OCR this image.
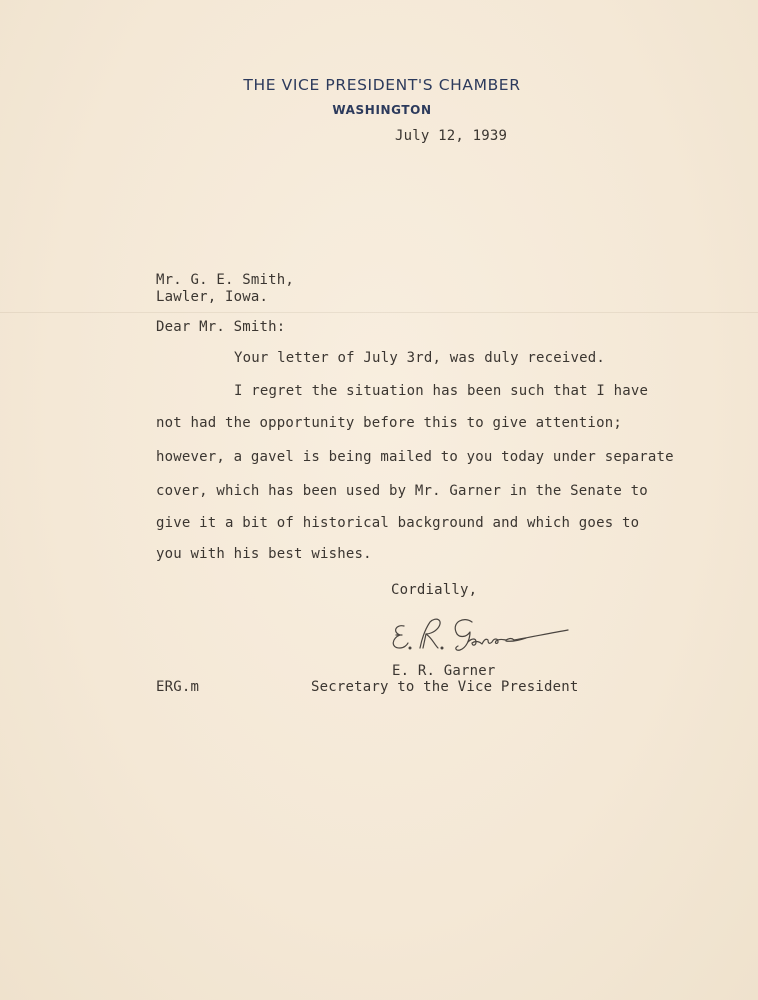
THE VICE PRESIDENT'S CHAMBER
WASHINGTON
July 12, 1939
Mr. G. E. Smith,
Lawler, Iowa.
Dear Mr. Smith:
Your letter of July 3rd, was duly received.
I regret the situation has been such that I have
not had the opportunity before this to give attention;
however, a gavel is being mailed to you today under separate
cover, which has been used by Mr. Garner in the Senate to
give it a bit of historical background and which goes to
you with his best wishes.
Cordially,
E. R. Garner
ERG.m	Secretary to the Vice President
